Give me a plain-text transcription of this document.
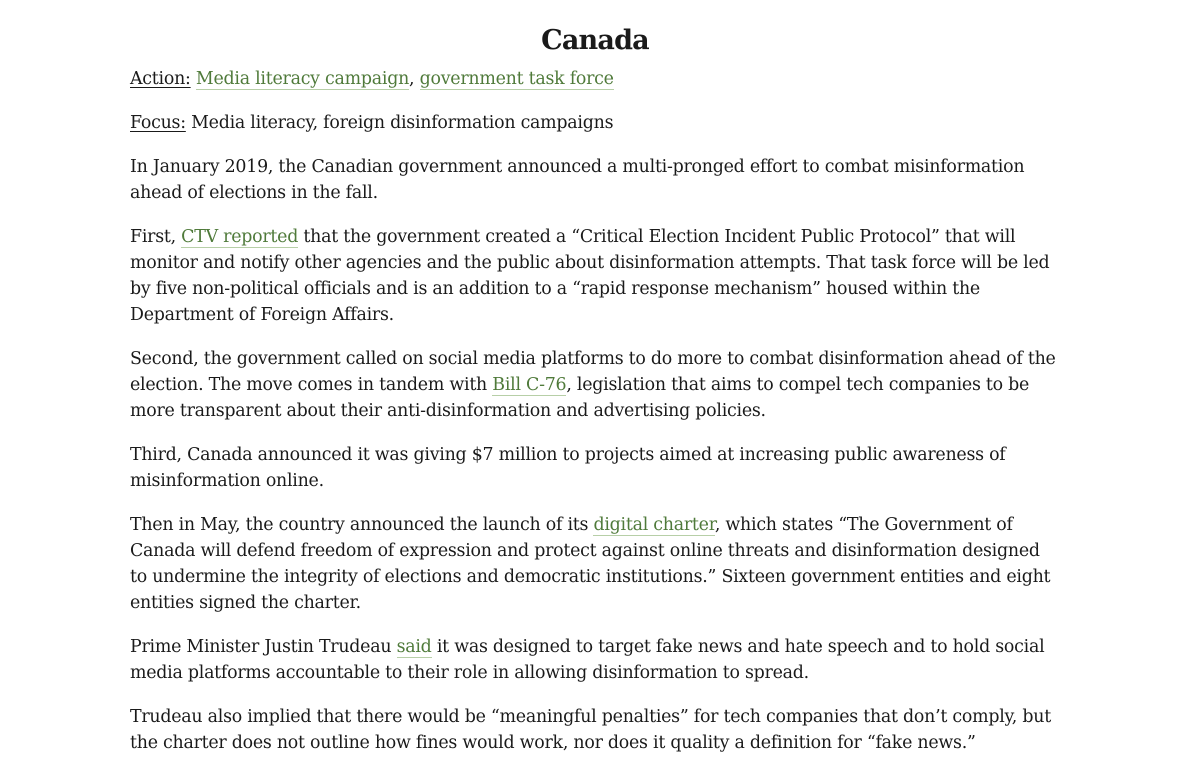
Canada

Action: Media literacy campaign, government task force

Focus: Media literacy, foreign disinformation campaigns

In January 2019, the Canadian government announced a multi-pronged effort to combat misinformation ahead of elections in the fall.

First, CTV reported that the government created a “Critical Election Incident Public Protocol” that will monitor and notify other agencies and the public about disinformation attempts. That task force will be led by five non-political officials and is an addition to a “rapid response mechanism” housed within the Department of Foreign Affairs.

Second, the government called on social media platforms to do more to combat disinformation ahead of the election. The move comes in tandem with Bill C-76, legislation that aims to compel tech companies to be more transparent about their anti-disinformation and advertising policies.

Third, Canada announced it was giving $7 million to projects aimed at increasing public awareness of misinformation online.

Then in May, the country announced the launch of its digital charter, which states “The Government of Canada will defend freedom of expression and protect against online threats and disinformation designed to undermine the integrity of elections and democratic institutions.” Sixteen government entities and eight entities signed the charter.

Prime Minister Justin Trudeau said it was designed to target fake news and hate speech and to hold social media platforms accountable to their role in allowing disinformation to spread.

Trudeau also implied that there would be “meaningful penalties” for tech companies that don’t comply, but the charter does not outline how fines would work, nor does it quality a definition for “fake news.”
